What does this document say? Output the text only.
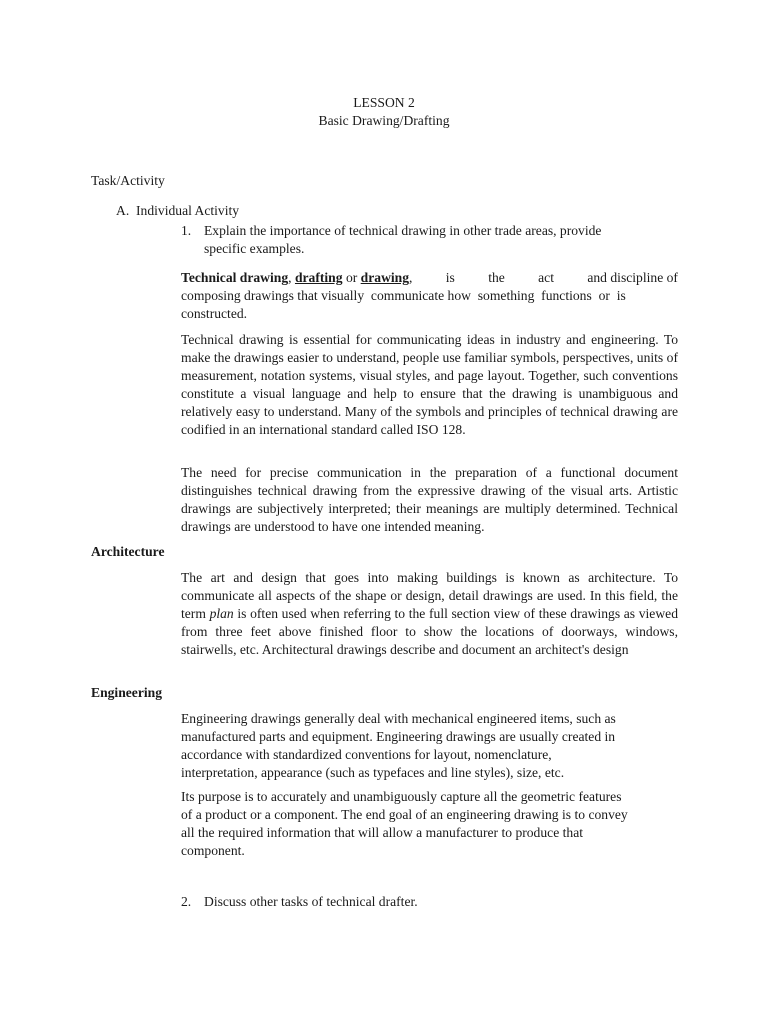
LESSON 2
Basic Drawing/Drafting
Task/Activity
A. Individual Activity
1. Explain the importance of technical drawing in other trade areas, provide
specific examples.
Technical drawing, drafting or drawing, is the act and discipline of
composing drawings that visually  communicate how  something  functions  or  is
constructed.
Technical drawing is essential for communicating ideas in industry and engineering. To make the drawings easier to understand, people use familiar symbols, perspectives, units of measurement, notation systems, visual styles, and page layout. Together, such conventions constitute a visual language and help to ensure that the drawing is unambiguous and relatively easy to understand. Many of the symbols and principles of technical drawing are codified in an international standard called ISO 128.
The need for precise communication in the preparation of a functional document distinguishes technical drawing from the expressive drawing of the visual arts. Artistic drawings are subjectively interpreted; their meanings are multiply determined. Technical drawings are understood to have one intended meaning.
Architecture
The art and design that goes into making buildings is known as architecture. To communicate all aspects of the shape or design, detail drawings are used. In this field, the term plan is often used when referring to the full section view of these drawings as viewed from three feet above finished floor to show the locations of doorways, windows, stairwells, etc. Architectural drawings describe and document an architect's design
Engineering
Engineering drawings generally deal with mechanical engineered items, such as
manufactured parts and equipment. Engineering drawings are usually created in
accordance with standardized conventions for layout, nomenclature,
interpretation, appearance (such as typefaces and line styles), size, etc.
Its purpose is to accurately and unambiguously capture all the geometric features
of a product or a component. The end goal of an engineering drawing is to convey
all the required information that will allow a manufacturer to produce that
component.
2. Discuss other tasks of technical drafter.
